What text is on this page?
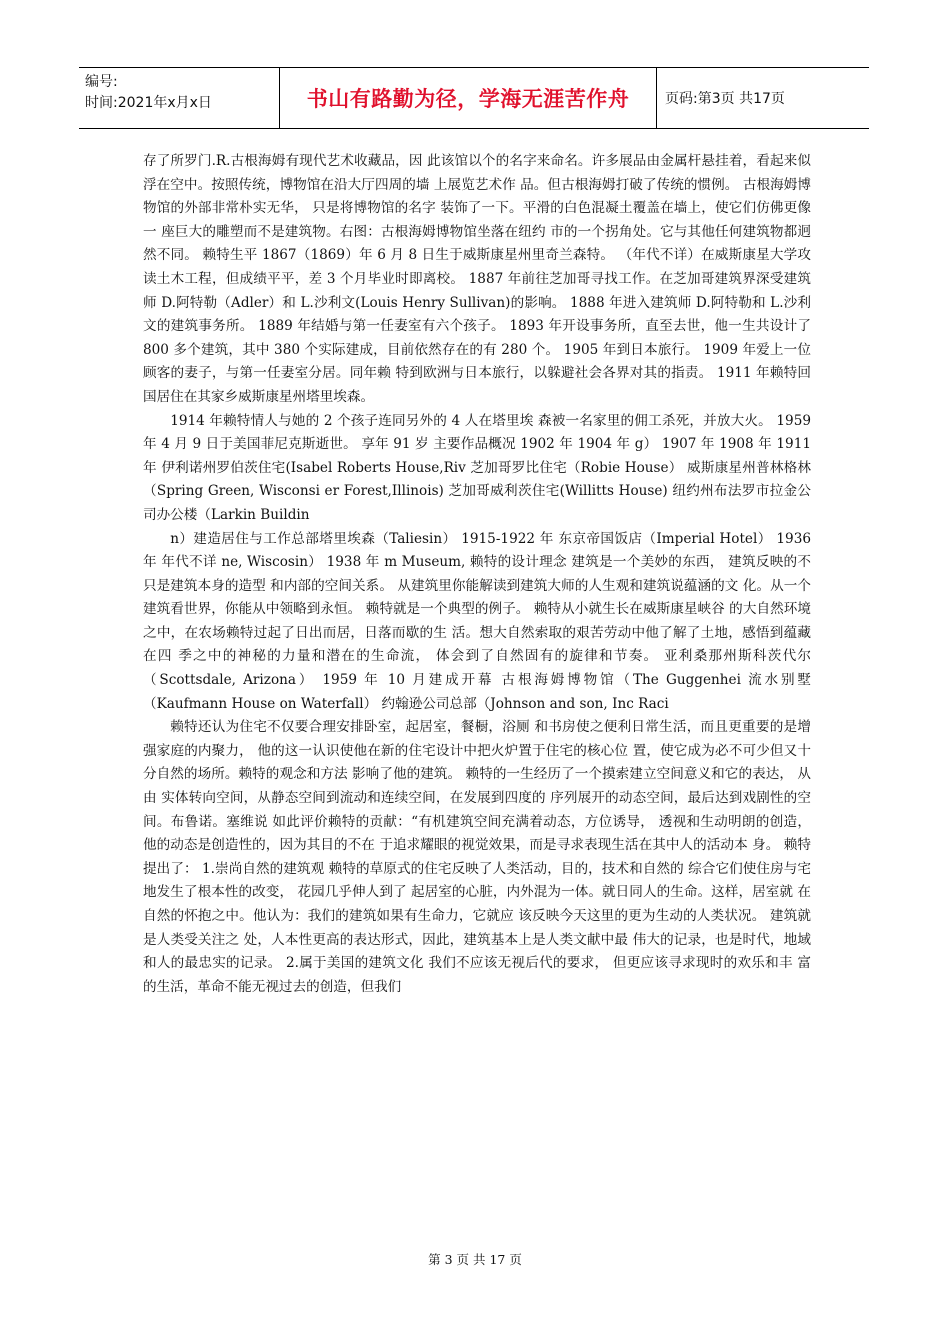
编号:
时间:2021年x月x日	书山有路勤为径，学海无涯苦作舟	页码:第3页 共17页

存了所罗门.R.古根海姆有现代艺术收藏品，因 此该馆以个的名字来命名。许多展品由金属杆悬挂着，看起来似 浮在空中。按照传统，博物馆在沿大厅四周的墙 上展览艺术作 品。但古根海姆打破了传统的惯例。 古根海姆博物馆的外部非常朴实无华， 只是将博物馆的名字 装饰了一下。平滑的白色混凝土覆盖在墙上，使它们仿佛更像一 座巨大的雕塑而不是建筑物。右图：古根海姆博物馆坐落在纽约 市的一个拐角处。它与其他任何建筑物都迥然不同。 赖特生平 1867（1869）年 6 月 8 日生于威斯康星州里奇兰森特。 （年代不详）在威斯康星大学攻读土木工程，但成绩平平，差 3 个月毕业时即离校。 1887 年前往芝加哥寻找工作。在芝加哥建筑界深受建筑师 D.阿特勒（Adler）和 L.沙利文(Louis Henry Sullivan)的影响。 1888 年进入建筑师 D.阿特勒和 L.沙利文的建筑事务所。 1889 年结婚与第一任妻室有六个孩子。 1893 年开设事务所，直至去世，他一生共设计了 800 多个建筑，其中 380 个实际建成，目前依然存在的有 280 个。 1905 年到日本旅行。 1909 年爱上一位顾客的妻子，与第一任妻室分居。同年赖 特到欧洲与日本旅行，以躲避社会各界对其的指责。 1911 年赖特回国居住在其家乡威斯康星州塔里埃森。

1914 年赖特情人与她的 2 个孩子连同另外的 4 人在塔里埃 森被一名家里的佣工杀死，并放大火。 1959 年 4 月 9 日于美国菲尼克斯逝世。 享年 91 岁 主要作品概况 1902 年 1904 年 g） 1907 年 1908 年 1911 年 伊利诺州罗伯茨住宅(Isabel Roberts House,Riv 芝加哥罗比住宅（Robie House） 威斯康星州普林格林（Spring Green, Wisconsi er Forest,Illinois) 芝加哥威利茨住宅(Willitts House) 纽约州布法罗市拉金公司办公楼（Larkin Buildin

n）建造居住与工作总部塔里埃森（Taliesin） 1915-1922 年 东京帝国饭店（Imperial Hotel） 1936 年 年代不详 ne, Wiscosin） 1938 年 m Museum, 赖特的设计理念 建筑是一个美妙的东西， 建筑反映的不只是建筑本身的造型 和内部的空间关系。 从建筑里你能解读到建筑大师的人生观和建筑说蕴涵的文 化。从一个建筑看世界，你能从中领略到永恒。 赖特就是一个典型的例子。 赖特从小就生长在威斯康星峡谷 的大自然环境之中，在农场赖特过起了日出而居，日落而歇的生 活。想大自然索取的艰苦劳动中他了解了土地，感悟到蕴藏在四 季之中的神秘的力量和潜在的生命流， 体会到了自然固有的旋律和节奏。 亚利桑那州斯科茨代尔（Scottsdale, Arizona） 1959 年 10 月建成开幕 古根海姆博物馆（The Guggenhei 流水别墅（Kaufmann House on Waterfall） 约翰逊公司总部（Johnson and son, Inc Raci

赖特还认为住宅不仅要合理安排卧室，起居室，餐橱，浴厕 和书房使之便利日常生活，而且更重要的是增强家庭的内聚力， 他的这一认识使他在新的住宅设计中把火炉置于住宅的核心位 置，使它成为必不可少但又十分自然的场所。赖特的观念和方法 影响了他的建筑。 赖特的一生经历了一个摸索建立空间意义和它的表达， 从由 实体转向空间，从静态空间到流动和连续空间，在发展到四度的 序列展开的动态空间，最后达到戏剧性的空间。布鲁诺。塞维说 如此评价赖特的贡献：“有机建筑空间充满着动态，方位诱导， 透视和生动明朗的创造，他的动态是创造性的，因为其目的不在 于追求耀眼的视觉效果，而是寻求表现生活在其中人的活动本 身。 赖特提出了： 1.崇尚自然的建筑观 赖特的草原式的住宅反映了人类活动，目的，技术和自然的 综合它们使住房与宅地发生了根本性的改变， 花园几乎伸人到了 起居室的心脏，内外混为一体。就日同人的生命。这样，居室就 在自然的怀抱之中。他认为：我们的建筑如果有生命力，它就应 该反映今天这里的更为生动的人类状况。 建筑就是人类受关注之 处，人本性更高的表达形式，因此，建筑基本上是人类文献中最 伟大的记录，也是时代，地域和人的最忠实的记录。 2.属于美国的建筑文化 我们不应该无视后代的要求， 但更应该寻求现时的欢乐和丰 富的生活，革命不能无视过去的创造，但我们

第 3 页 共 17 页
